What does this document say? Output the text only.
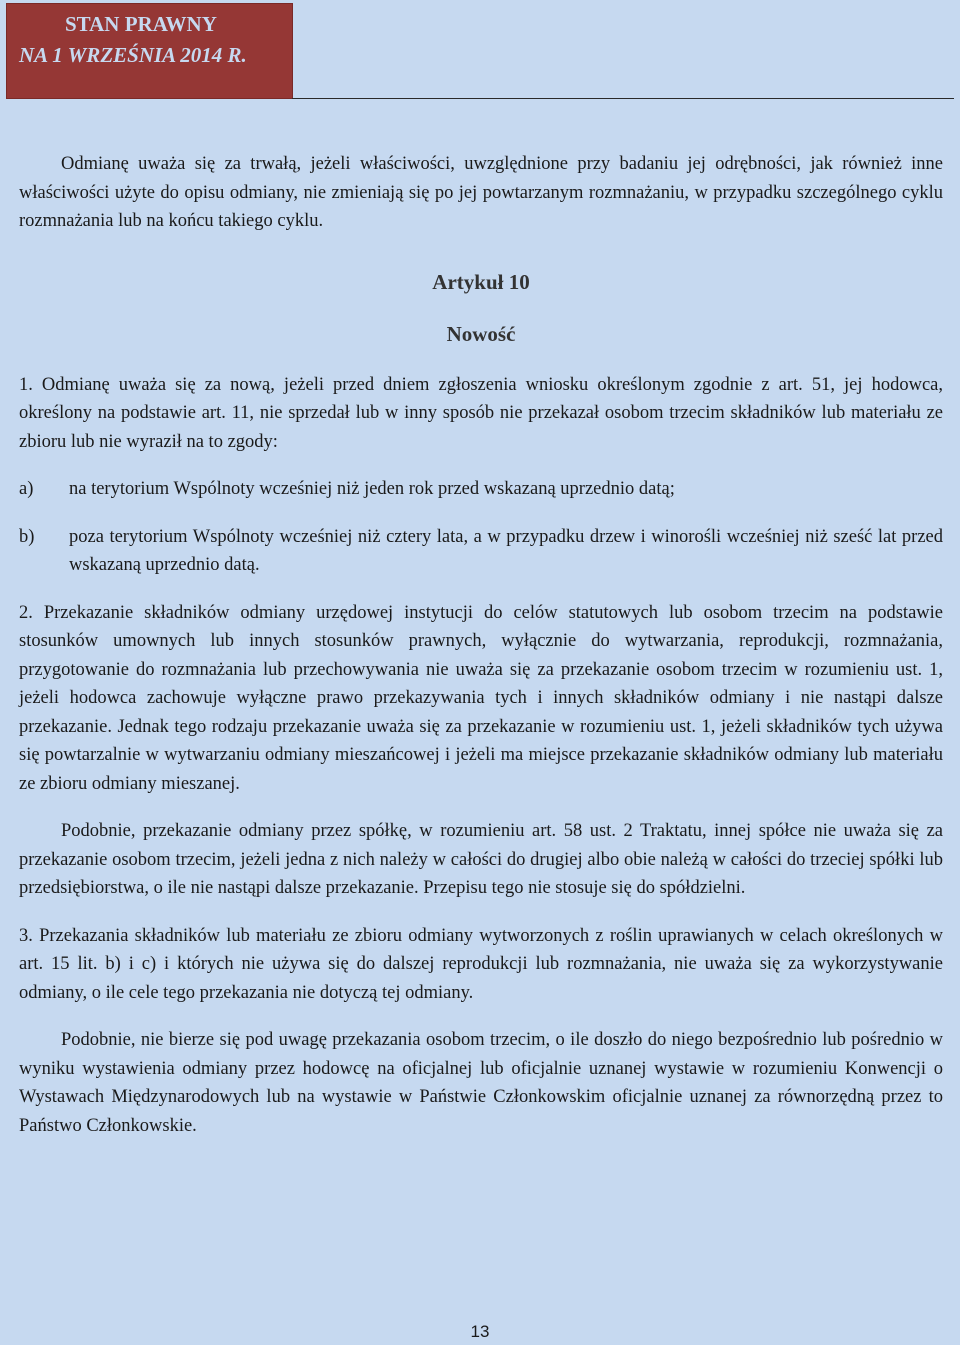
STAN PRAWNY
NA 1 WRZEŚNIA 2014 R.

Odmianę uważa się za trwałą, jeżeli właściwości, uwzględnione przy badaniu jej odrębności, jak również inne właściwości użyte do opisu odmiany, nie zmieniają się po jej powtarzanym rozmnażaniu, w przypadku szczególnego cyklu rozmnażania lub na końcu takiego cyklu.

Artykuł 10
Nowość

1. Odmianę uważa się za nową, jeżeli przed dniem zgłoszenia wniosku określonym zgodnie z art. 51, jej hodowca, określony na podstawie art. 11, nie sprzedał lub w inny sposób nie przekazał osobom trzecim składników lub materiału ze zbioru lub nie wyraził na to zgody:

a)	na terytorium Wspólnoty wcześniej niż jeden rok przed wskazaną uprzednio datą;
b)	poza terytorium Wspólnoty wcześniej niż cztery lata, a w przypadku drzew i winorośli wcześniej niż sześć lat przed wskazaną uprzednio datą.

2. Przekazanie składników odmiany urzędowej instytucji do celów statutowych lub osobom trzecim na podstawie stosunków umownych lub innych stosunków prawnych, wyłącznie do wytwarzania, reprodukcji, rozmnażania, przygotowanie do rozmnażania lub przechowywania nie uważa się za przekazanie osobom trzecim w rozumieniu ust. 1, jeżeli hodowca zachowuje wyłączne prawo przekazywania tych i innych składników odmiany i nie nastąpi dalsze przekazanie. Jednak tego rodzaju przekazanie uważa się za przekazanie w rozumieniu ust. 1, jeżeli składników tych używa się powtarzalnie w wytwarzaniu odmiany mieszańcowej i jeżeli ma miejsce przekazanie składników odmiany lub materiału ze zbioru odmiany mieszanej.

Podobnie, przekazanie odmiany przez spółkę, w rozumieniu art. 58 ust. 2 Traktatu, innej spółce nie uważa się za przekazanie osobom trzecim, jeżeli jedna z nich należy w całości do drugiej albo obie należą w całości do trzeciej spółki lub przedsiębiorstwa, o ile nie nastąpi dalsze przekazanie. Przepisu tego nie stosuje się do spółdzielni.

3. Przekazania składników lub materiału ze zbioru odmiany wytworzonych z roślin uprawianych w celach określonych w art. 15 lit. b) i c) i których nie używa się do dalszej reprodukcji lub rozmnażania, nie uważa się za wykorzystywanie odmiany, o ile cele tego przekazania nie dotyczą tej odmiany.

Podobnie, nie bierze się pod uwagę przekazania osobom trzecim, o ile doszło do niego bezpośrednio lub pośrednio w wyniku wystawienia odmiany przez hodowcę na oficjalnej lub oficjalnie uznanej wystawie w rozumieniu Konwencji o Wystawach Międzynarodowych lub na wystawie w Państwie Członkowskim oficjalnie uznanej za równorzędną przez to Państwo Członkowskie.

13
